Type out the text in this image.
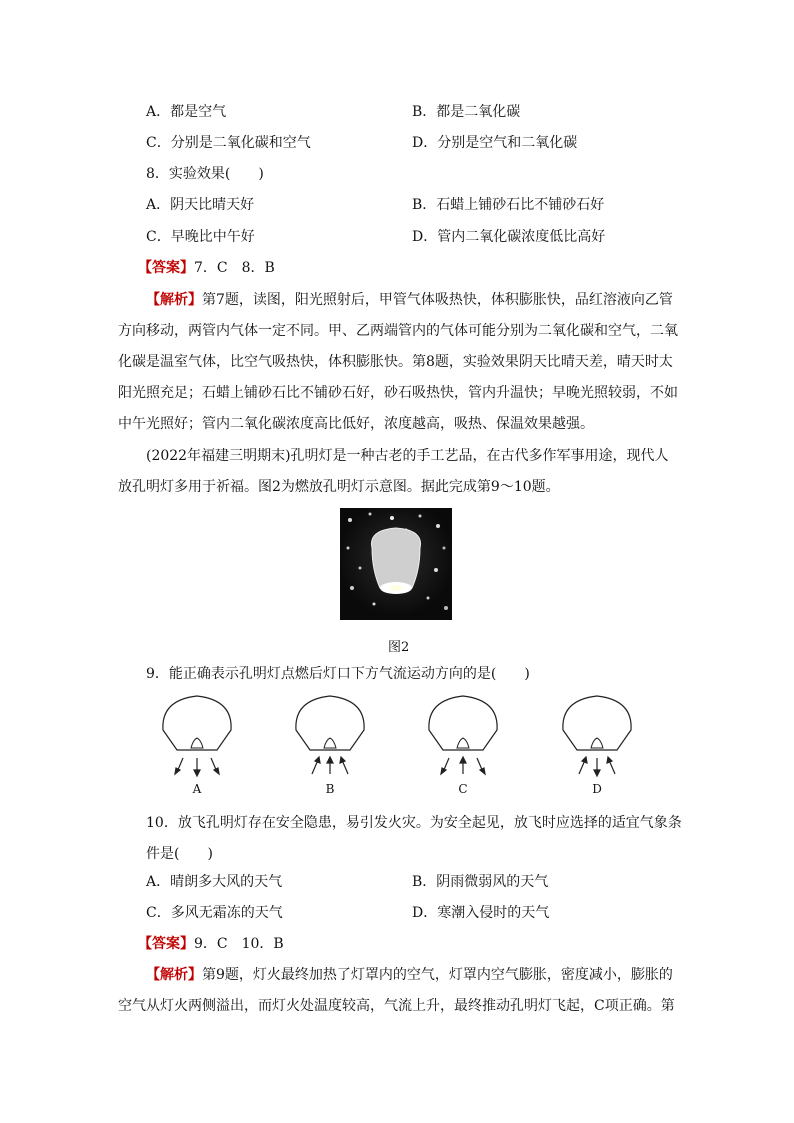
A．都是空气	B．都是二氧化碳
C．分别是二氧化碳和空气	D．分别是空气和二氧化碳
8．实验效果(　　)
A．阴天比晴天好	B．石蜡上铺砂石比不铺砂石好
C．早晚比中午好	D．管内二氧化碳浓度低比高好
【答案】7．C　8．B
【解析】第7题，读图，阳光照射后，甲管气体吸热快，体积膨胀快，品红溶液向乙管方向移动，两管内气体一定不同。甲、乙两端管内的气体可能分别为二氧化碳和空气，二氧化碳是温室气体，比空气吸热快，体积膨胀快。第8题，实验效果阴天比晴天差，晴天时太阳光照充足；石蜡上铺砂石比不铺砂石好，砂石吸热快，管内升温快；早晚光照较弱，不如中午光照好；管内二氧化碳浓度高比低好，浓度越高，吸热、保温效果越强。
(2022年福建三明期末)孔明灯是一种古老的手工艺品，在古代多作军事用途，现代人放孔明灯多用于祈福。图2为燃放孔明灯示意图。据此完成第9～10题。
图2
9．能正确表示孔明灯点燃后灯口下方气流运动方向的是(　　)
A	B	C	D
10．放飞孔明灯存在安全隐患，易引发火灾。为安全起见，放飞时应选择的适宜气象条件是(　　)
A．晴朗多大风的天气	B．阴雨微弱风的天气
C．多风无霜冻的天气	D．寒潮入侵时的天气
【答案】9．C　10．B
【解析】第9题，灯火最终加热了灯罩内的空气，灯罩内空气膨胀，密度减小，膨胀的空气从灯火两侧溢出，而灯火处温度较高，气流上升，最终推动孔明灯飞起，C项正确。第
